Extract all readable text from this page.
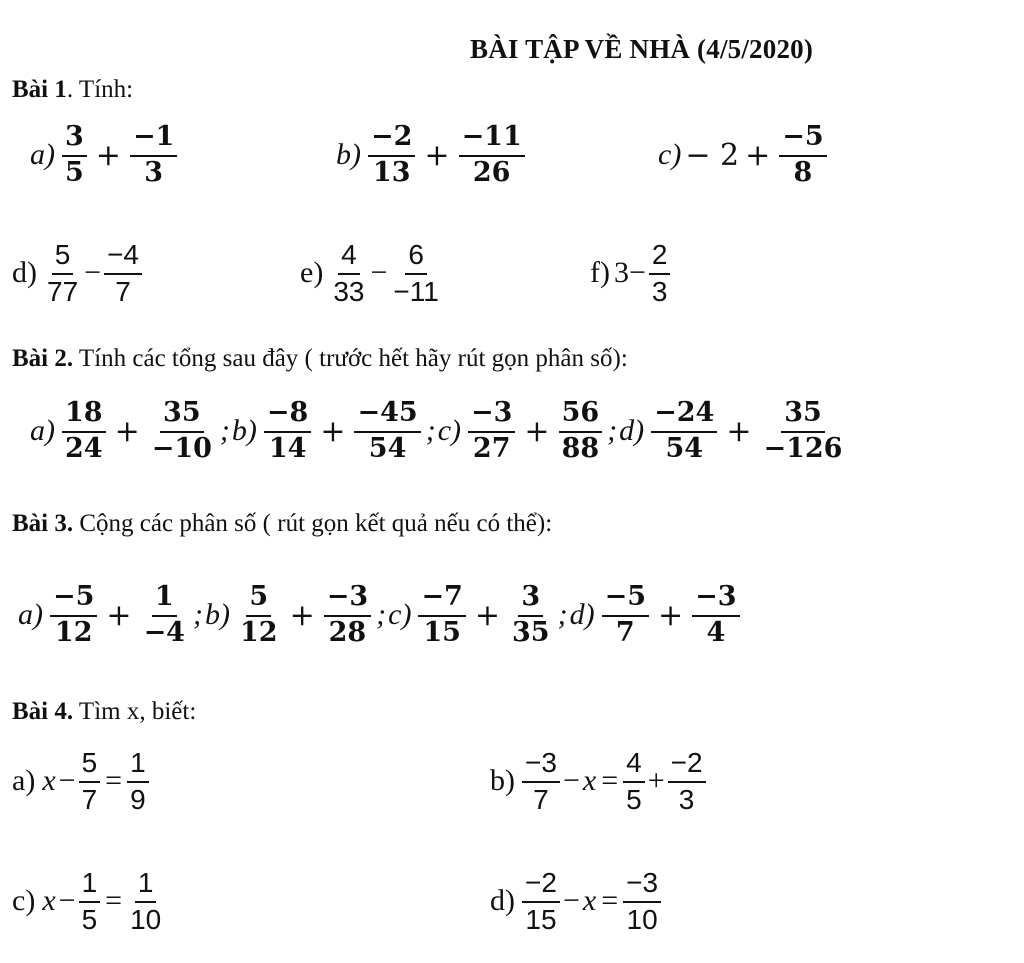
BÀI TẬP VỀ NHÀ (4/5/2020)
Bài 1. Tính:
$a) \frac{3}{5} + \frac{-1}{3}$	$b) \frac{-2}{13} + \frac{-11}{26}$	$c) - 2 + \frac{-5}{8}$
$d) \frac{5}{77} - \frac{-4}{7}$	$e) \frac{4}{33} - \frac{6}{-11}$	f) $3 - \frac{2}{3}$
Bài 2. Tính các tổng sau đây ( trước hết hãy rút gọn phân số):
$a) \frac{18}{24} + \frac{35}{-10}$ ; $b) \frac{-8}{14} + \frac{-45}{54}$ ; $c) \frac{-3}{27} + \frac{56}{88}$ ; $d) \frac{-24}{54} + \frac{35}{-126}$
Bài 3. Cộng các phân số ( rút gọn kết quả nếu có thể):
$a) \frac{-5}{12} + \frac{1}{-4}$ ; $b) \frac{5}{12} + \frac{-3}{28}$ ; $c) \frac{-7}{15} + \frac{3}{35}$ ; $d) \frac{-5}{7} + \frac{-3}{4}$
Bài 4. Tìm x, biết:
a) $x - \frac{5}{7} = \frac{1}{9}$	$b) \frac{-3}{7} - x = \frac{4}{5} + \frac{-2}{3}$
c) $x - \frac{1}{5} = \frac{1}{10}$	$d) \frac{-2}{15} - x = \frac{-3}{10}$
